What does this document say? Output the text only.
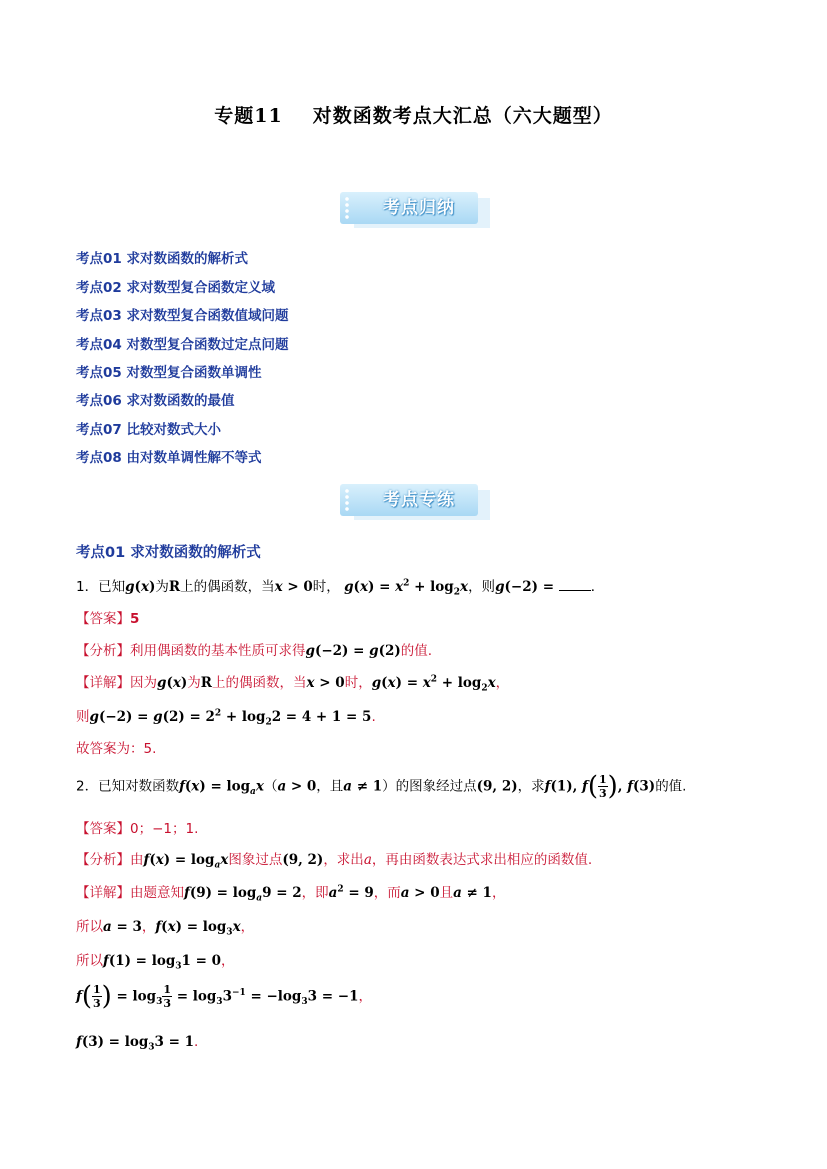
专题11 对数函数考点大汇总（六大题型）
考点归纳
考点01 求对数函数的解析式
考点02 求对数型复合函数定义域
考点03 求对数型复合函数值域问题
考点04 对数型复合函数过定点问题
考点05 对数型复合函数单调性
考点06 求对数函数的最值
考点07 比较对数式大小
考点08 由对数单调性解不等式
考点专练
考点01 求对数函数的解析式
1．已知g(x)为R上的偶函数，当x > 0时， $g(x) = x^2 + \log_2x$，则g(−2) = ．
【答案】5
【分析】利用偶函数的基本性质可求得g(−2) = g(2)的值.
【详解】因为g(x)为R上的偶函数，当x > 0时，$g(x) = x^2 + \log_2x$，
则$g(-2) = g(2) = 2^2 + \log_22 = 4 + 1 = 5$.
故答案为：5.
2．已知对数函数$f(x) = \log_ax(a > 0$，且a ≠ 1）的图象经过点(9, 2)，求f(1), $f( \frac{1}{3}$ ), f(3)的值.
【答案】0；−1；1.
【分析】由$f(x) = \log_ax$图象过点(9, 2)，求出a，再由函数表达式求出相应的函数值.
【详解】由题意知$f(9) = \log_a9 = 2$，即$a^2 = 9$，而a > 0且a ≠ 1，
所以a = 3，$f(x) = \log_3x$，
所以$f(1) = \log_31 = 0$，
$f( \frac{1}{3}$ ) = $\log_3 \frac{1}{3} = \log_33^{-1} = -\log_33 = -1$，
$f(3) = \log_33 = 1$.
